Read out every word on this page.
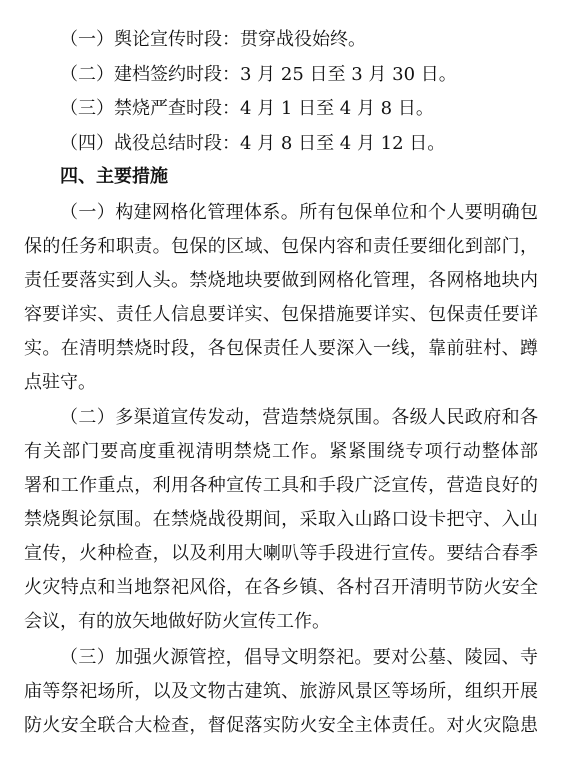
（一）舆论宣传时段：贯穿战役始终。
（二）建档签约时段：3 月 25 日至 3 月 30 日。
（三）禁烧严查时段：4 月 1 日至 4 月 8 日。
（四）战役总结时段：4 月 8 日至 4 月 12 日。
四、主要措施
（一）构建网格化管理体系。所有包保单位和个人要明确包
保的任务和职责。包保的区域、包保内容和责任要细化到部门，
责任要落实到人头。禁烧地块要做到网格化管理，各网格地块内
容要详实、责任人信息要详实、包保措施要详实、包保责任要详
实。在清明禁烧时段，各包保责任人要深入一线，靠前驻村、蹲
点驻守。
（二）多渠道宣传发动，营造禁烧氛围。各级人民政府和各
有关部门要高度重视清明禁烧工作。紧紧围绕专项行动整体部
署和工作重点，利用各种宣传工具和手段广泛宣传，营造良好的
禁烧舆论氛围。在禁烧战役期间，采取入山路口设卡把守、入山
宣传，火种检查，以及利用大喇叭等手段进行宣传。要结合春季
火灾特点和当地祭祀风俗，在各乡镇、各村召开清明节防火安全
会议，有的放矢地做好防火宣传工作。
（三）加强火源管控，倡导文明祭祀。要对公墓、陵园、寺
庙等祭祀场所，以及文物古建筑、旅游风景区等场所，组织开展
防火安全联合大检查，督促落实防火安全主体责任。对火灾隐患
